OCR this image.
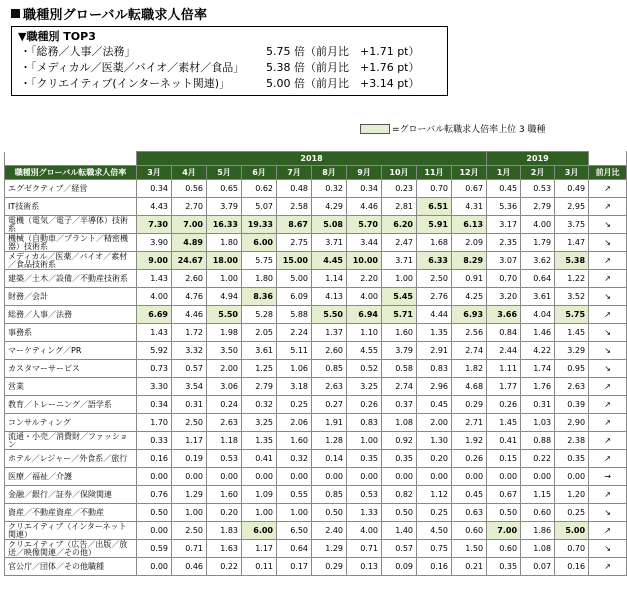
職種別グローバル転職求人倍率
▼職種別 TOP3
・「総務／人事／法務」	5.75 倍（前月比　+1.71 pt）
・「メディカル／医薬／バイオ／素材／食品」 5.38 倍（前月比　+1.76 pt）
・「クリエイティブ(インターネット関連)」	5.00 倍（前月比　+3.14 pt）
=グローバル転職求人倍率上位 3 職種
	2018										2019			
職種別グローバル転職求人倍率	3月	4月	5月	6月	7月	8月	9月	10月	11月	12月	1月	2月	3月	前月比
エグゼクティブ／経営	0.34	0.56	0.65	0.62	0.48	0.32	0.34	0.23	0.70	0.67	0.45	0.53	0.49	↗
IT技術系	4.43	2.70	3.79	5.07	2.58	4.29	4.46	2.81	6.51	4.31	5.36	2.79	2.95	↗
電機（電気／電子／半導体）技術系	7.30	7.00	16.33	19.33	8.67	5.08	5.70	6.20	5.91	6.13	3.17	4.00	3.75	↘
機械（自動車／プラント／精密機器）技術系	3.90	4.89	1.80	6.00	2.75	3.71	3.44	2.47	1.68	2.09	2.35	1.79	1.47	↘
メディカル／医薬／バイオ／素材／食品技術系	9.00	24.67	18.00	5.75	15.00	4.45	10.00	3.71	6.33	8.29	3.07	3.62	5.38	↗
建築／土木／設備／不動産技術系	1.43	2.60	1.00	1.80	5.00	1.14	2.20	1.00	2.50	0.91	0.70	0.64	1.22	↗
財務／会計	4.00	4.76	4.94	8.36	6.09	4.13	4.00	5.45	2.76	4.25	3.20	3.61	3.52	↘
総務／人事／法務	6.69	4.46	5.50	5.28	5.88	5.50	6.94	5.71	4.44	6.93	3.66	4.04	5.75	↗
事務系	1.43	1.72	1.98	2.05	2.24	1.37	1.10	1.60	1.35	2.56	0.84	1.46	1.45	↘
マーケティング／PR	5.92	3.32	3.50	3.61	5.11	2.60	4.55	3.79	2.91	2.74	2.44	4.22	3.29	↘
カスタマーサービス	0.73	0.57	2.00	1.25	1.06	0.85	0.52	0.58	0.83	1.82	1.11	1.74	0.95	↘
営業	3.30	3.54	3.06	2.79	3.18	2.63	3.25	2.74	2.96	4.68	1.77	1.76	2.63	↗
教育／トレーニング／語学系	0.34	0.31	0.24	0.32	0.25	0.27	0.26	0.37	0.45	0.29	0.26	0.31	0.39	↗
コンサルティング	1.70	2.50	2.63	3.25	2.06	1.91	0.83	1.08	2.00	2.71	1.45	1.03	2.90	↗
流通・小売／消費財／ファッション	0.33	1.17	1.18	1.35	1.60	1.28	1.00	0.92	1.30	1.92	0.41	0.88	2.38	↗
ホテル／レジャー／外食系／旅行	0.16	0.19	0.53	0.41	0.32	0.14	0.35	0.35	0.20	0.26	0.15	0.22	0.35	↗
医療／福祉／介護	0.00	0.00	0.00	0.00	0.00	0.00	0.00	0.00	0.00	0.00	0.00	0.00	0.00	→
金融／銀行／証券／保険関連	0.76	1.29	1.60	1.09	0.55	0.85	0.53	0.82	1.12	0.45	0.67	1.15	1.20	↗
資産／不動産資産／不動産	0.50	1.00	0.20	1.00	1.00	0.50	1.33	0.50	0.25	0.63	0.50	0.60	0.25	↘
クリエイティブ（インターネット関連）	0.00	2.50	1.83	6.00	6.50	2.40	4.00	1.40	4.50	0.60	7.00	1.86	5.00	↗
クリエイティブ（広告／出版／放送／映像関連／その他）	0.59	0.71	1.63	1.17	0.64	1.29	0.71	0.57	0.75	1.50	0.60	1.08	0.70	↘
官公庁／団体／その他職種	0.00	0.46	0.22	0.11	0.17	0.29	0.13	0.09	0.16	0.21	0.35	0.07	0.16	↗
